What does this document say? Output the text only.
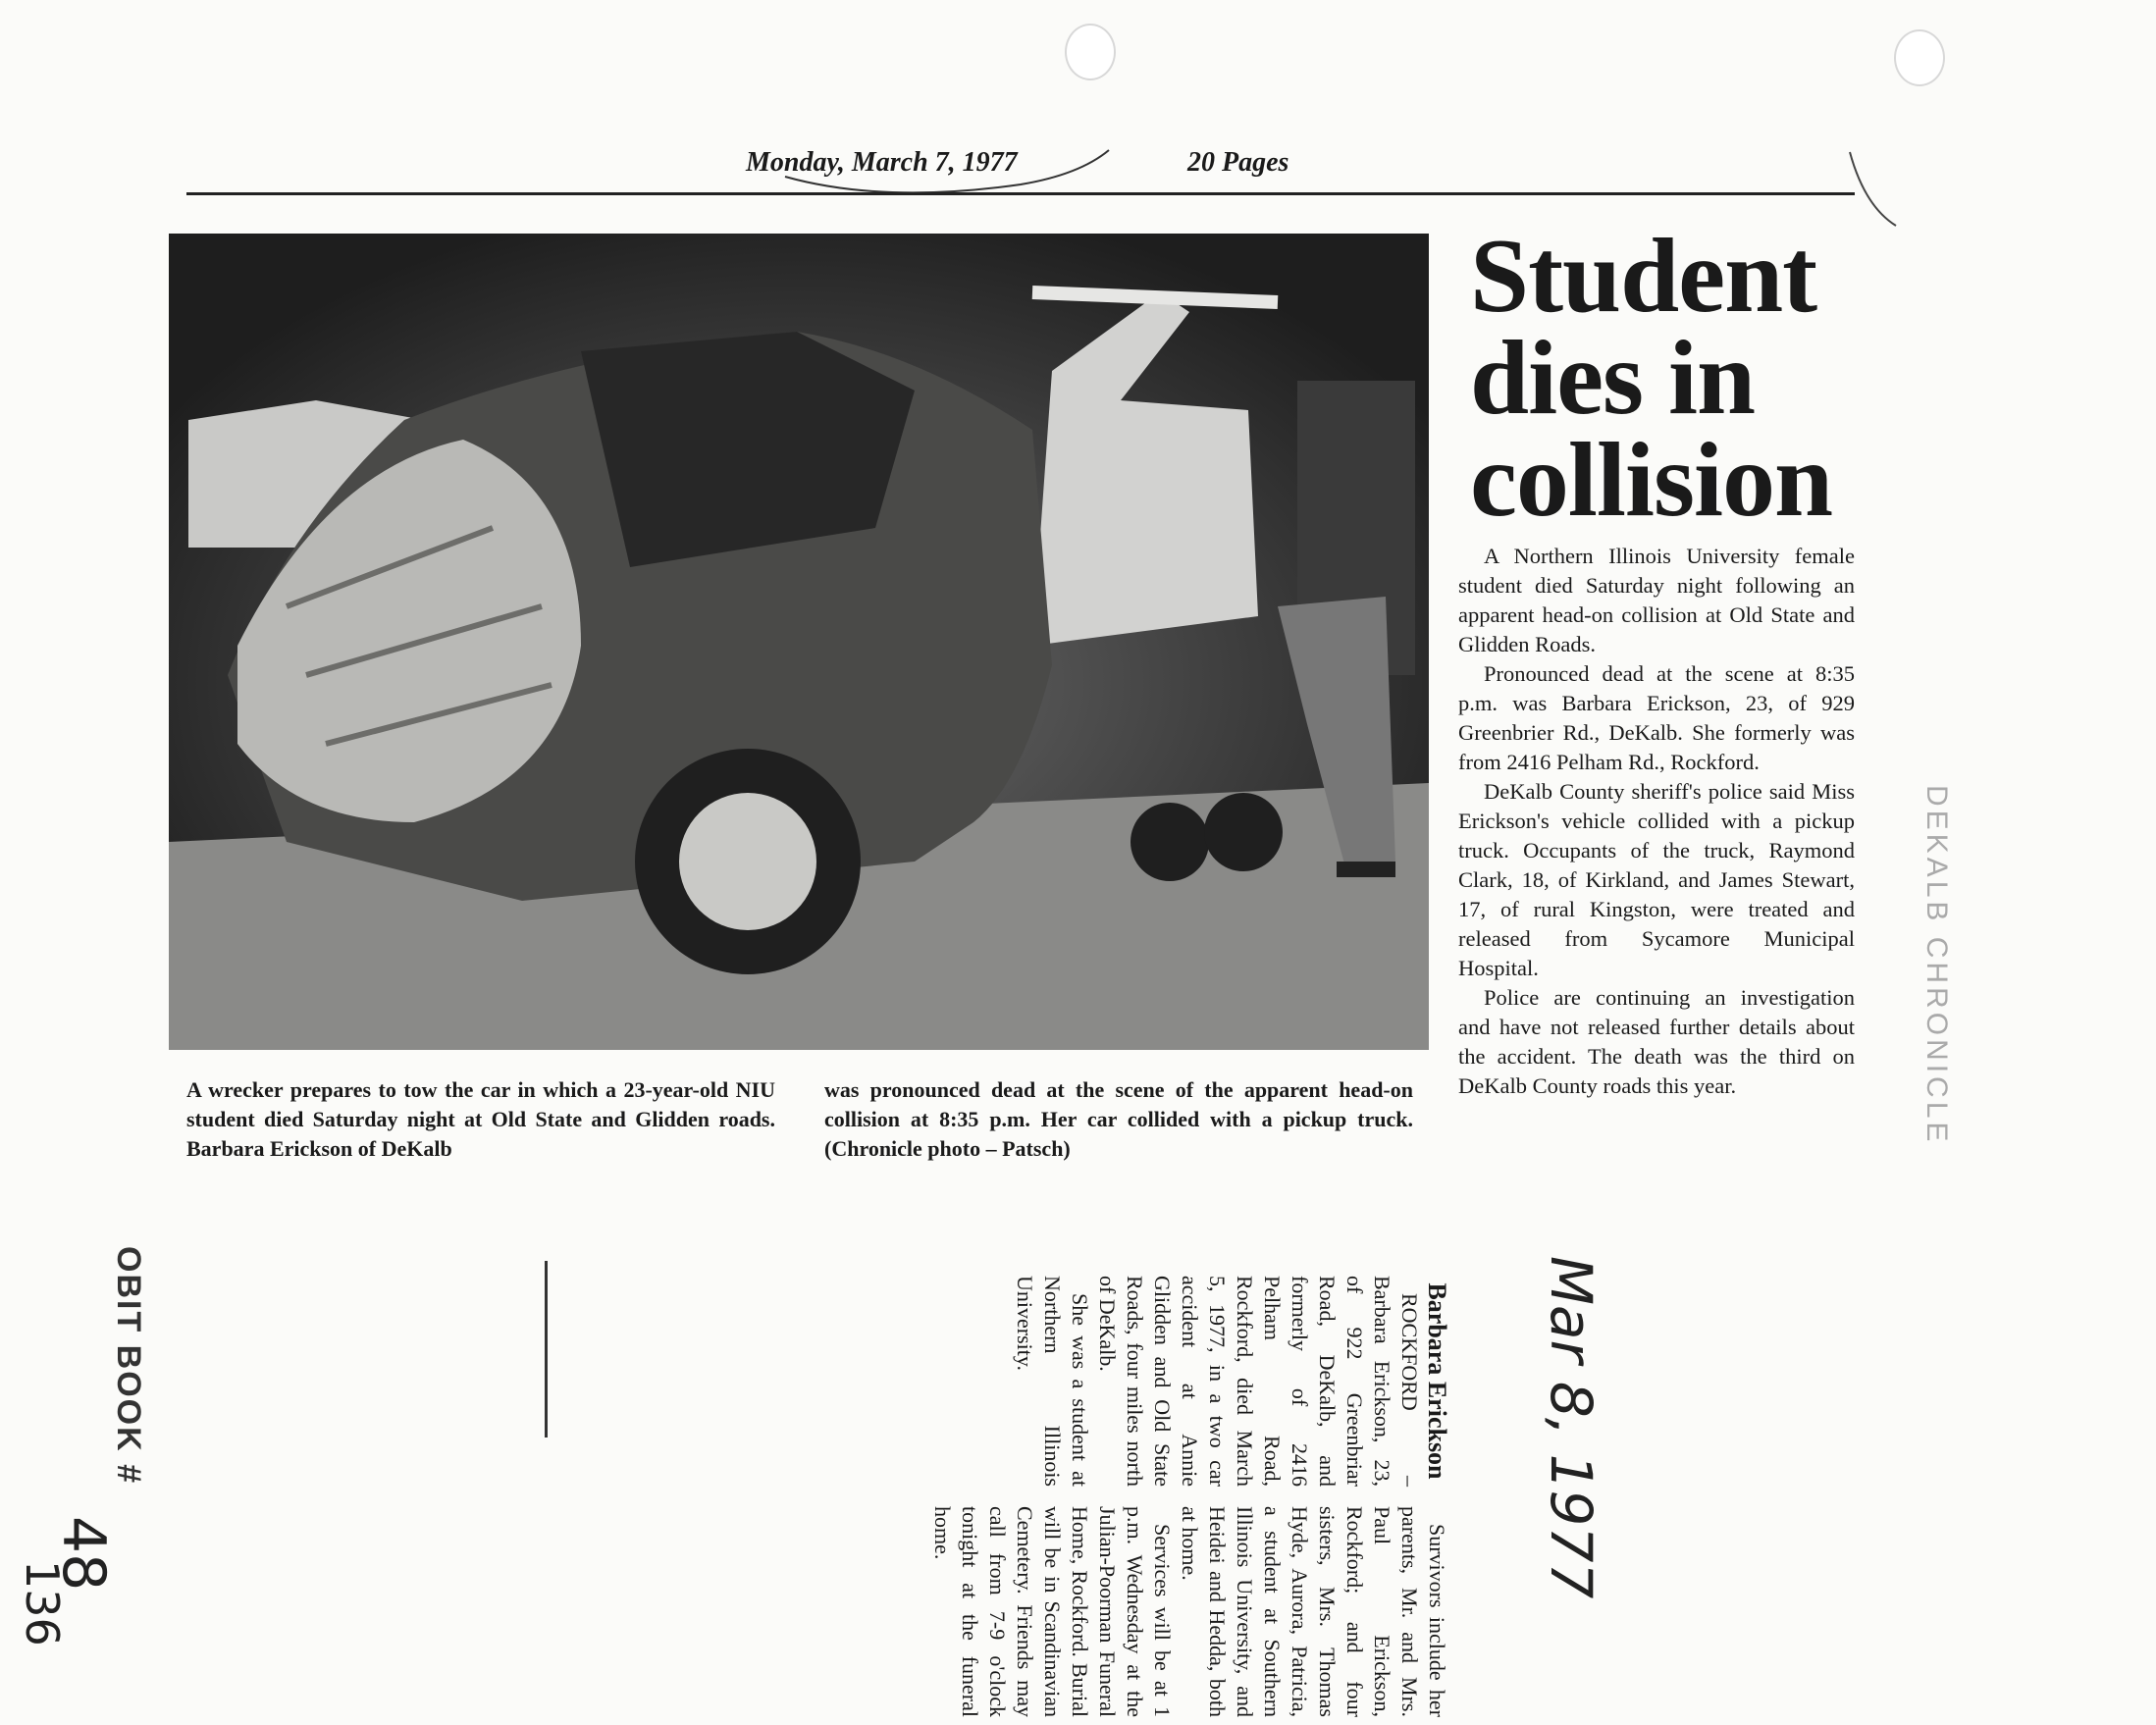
Monday, March 7, 1977	20 Pages
Student
dies in
collision

A Northern Illinois University female student died Saturday night following an apparent head-on collision at Old State and Glidden Roads.

Pronounced dead at the scene at 8:35 p.m. was Barbara Erickson, 23, of 929 Greenbrier Rd., DeKalb. She formerly was from 2416 Pelham Rd., Rockford.

DeKalb County sheriff's police said Miss Erickson's vehicle collided with a pickup truck. Occupants of the truck, Raymond Clark, 18, of Kirkland, and James Stewart, 17, of rural Kingston, were treated and released from Sycamore Municipal Hospital.

Police are continuing an investigation and have not released further details about the accident. The death was the third on DeKalb County roads this year.

A wrecker prepares to tow the car in which a 23-year-old NIU student died Saturday night at Old State and Glidden roads. Barbara Erickson of DeKalb
was pronounced dead at the scene of the apparent head-on collision at 8:35 p.m. Her car collided with a pickup truck. (Chronicle photo – Patsch)
DEKALB CHRONICLE
OBIT BOOK #
48
136
Mar 8, 1977
Barbara Erickson

ROCKFORD – Barbara Erickson, 23, of 922 Greenbriar Road, DeKalb, and formerly of 2416 Pelham Road, Rockford, died March 5, 1977, in a two car accident at Annie Glidden and Old State Roads, four miles north of DeKalb.

She was a student at Northern Illinois University.

Survivors include her parents, Mr. and Mrs. Paul Erickson, Rockford; and four sisters, Mrs. Thomas Hyde, Aurora, Patricia, a student at Southern Illinois University, and Heidei and Hedda, both at home.

Services will be at 1 p.m. Wednesday at the Julian-Poorman Funeral Home, Rockford. Burial will be in Scandinavian Cemetery. Friends may call from 7-9 o'clock tonight at the funeral home.
